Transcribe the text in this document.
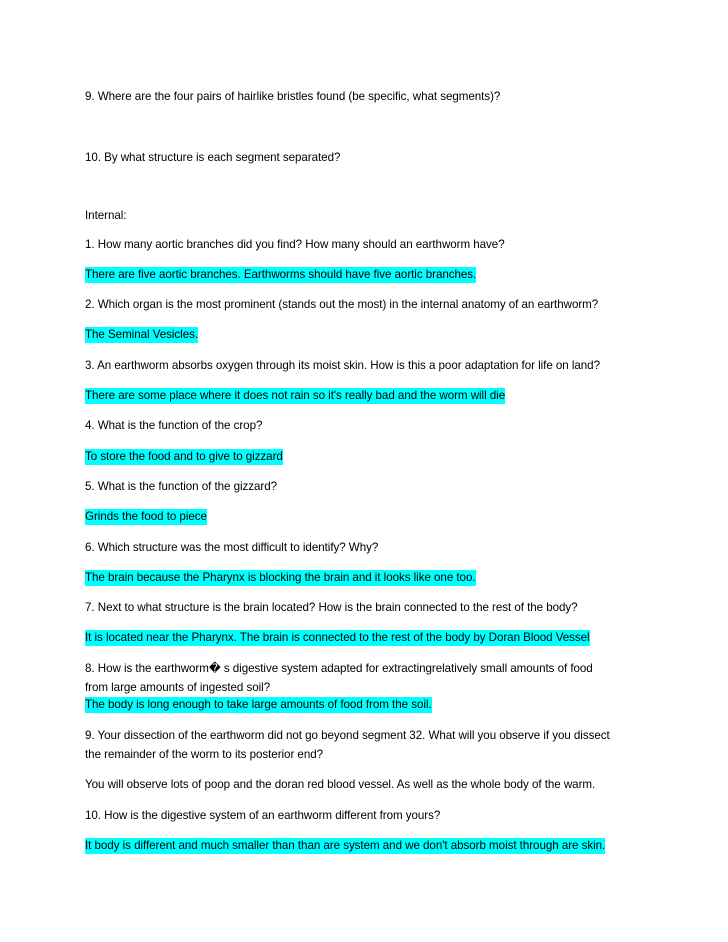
9. Where are the four pairs of hairlike bristles found (be specific, what segments)?
10. By what structure is each segment separated?
Internal:
1. How many aortic branches did you find? How many should an earthworm have?
There are five aortic branches. Earthworms should have five aortic branches.
2. Which organ is the most prominent (stands out the most) in the internal anatomy of an earthworm?
The Seminal Vesicles.
3. An earthworm absorbs oxygen through its moist skin. How is this a poor adaptation for life on land?
There are some place where it does not rain so it's really bad and the worm will die
4. What is the function of the crop?
To store the food and to give to gizzard
5. What is the function of the gizzard?
Grinds the food to piece
6. Which structure was the most difficult to identify? Why?
The brain because the Pharynx is blocking the brain and it looks like one too.
7. Next to what structure is the brain located? How is the brain connected to the rest of the body?
It is located near the Pharynx. The brain is connected to the rest of the body by Doran Blood Vessel
8. How is the earthworm� s digestive system adapted for extractingrelatively small amounts of food
from large amounts of ingested soil?
The body is long enough to take large amounts of food from the soil.
9. Your dissection of the earthworm did not go beyond segment 32. What will you observe if you dissect
the remainder of the worm to its posterior end?
You will observe lots of poop and the doran red blood vessel. As well as the whole body of the warm.
10. How is the digestive system of an earthworm different from yours?
It body is different and much smaller than than are system and we don't absorb moist through are skin.
